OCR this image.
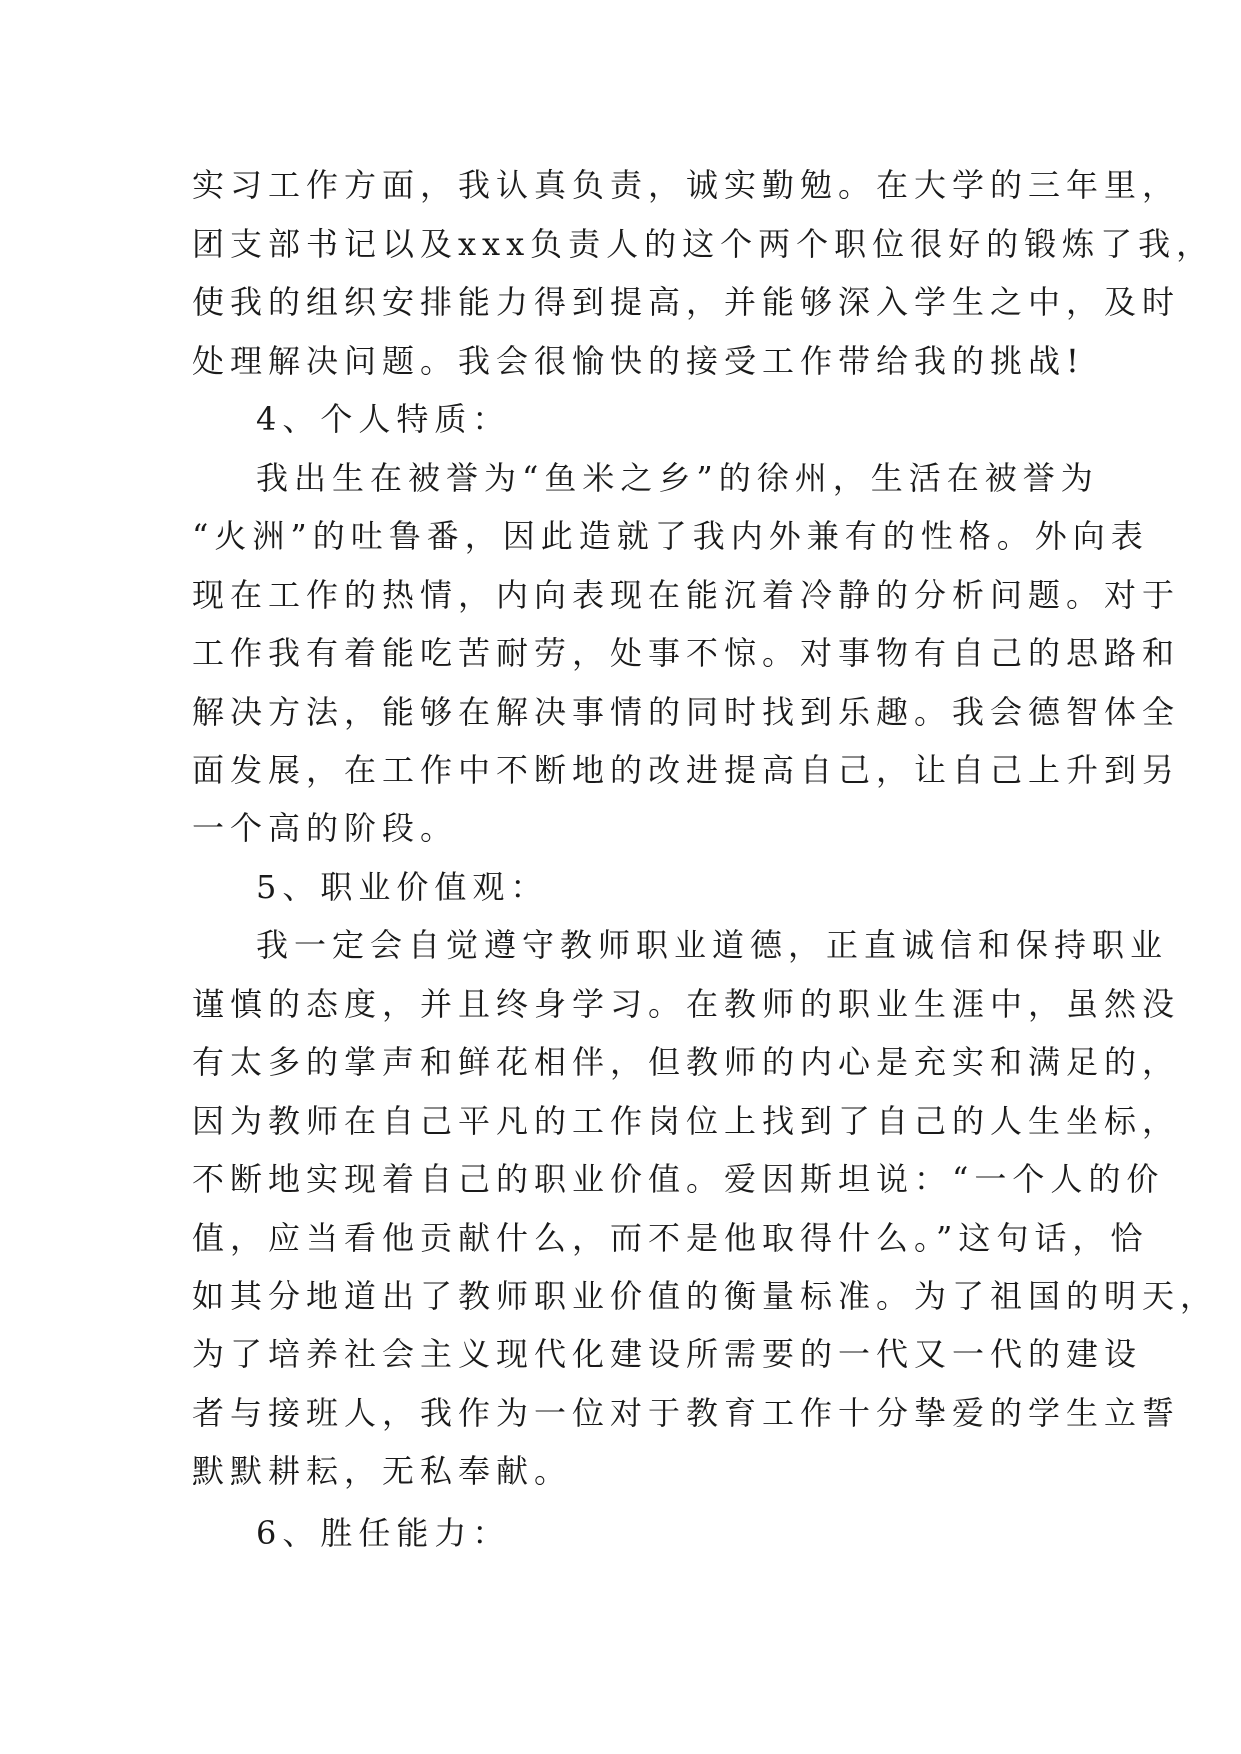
实习工作方面，我认真负责，诚实勤勉。在大学的三年里，

团支部书记以及xxx负责人的这个两个职位很好的锻炼了我，

使我的组织安排能力得到提高，并能够深入学生之中，及时

处理解决问题。我会很愉快的接受工作带给我的挑战!

4、个人特质：

我出生在被誉为“鱼米之乡”的徐州，生活在被誉为

“火洲”的吐鲁番，因此造就了我内外兼有的性格。外向表

现在工作的热情，内向表现在能沉着冷静的分析问题。对于

工作我有着能吃苦耐劳，处事不惊。对事物有自己的思路和

解决方法，能够在解决事情的同时找到乐趣。我会德智体全

面发展，在工作中不断地的改进提高自己，让自己上升到另

一个高的阶段。

5、职业价值观：

我一定会自觉遵守教师职业道德，正直诚信和保持职业

谨慎的态度，并且终身学习。在教师的职业生涯中，虽然没

有太多的掌声和鲜花相伴，但教师的内心是充实和满足的，

因为教师在自己平凡的工作岗位上找到了自己的人生坐标，

不断地实现着自己的职业价值。爱因斯坦说：“一个人的价

值，应当看他贡献什么，而不是他取得什么。”这句话，恰

如其分地道出了教师职业价值的衡量标准。为了祖国的明天，

为了培养社会主义现代化建设所需要的一代又一代的建设

者与接班人，我作为一位对于教育工作十分挚爱的学生立誓

默默耕耘，无私奉献。

6、胜任能力：
